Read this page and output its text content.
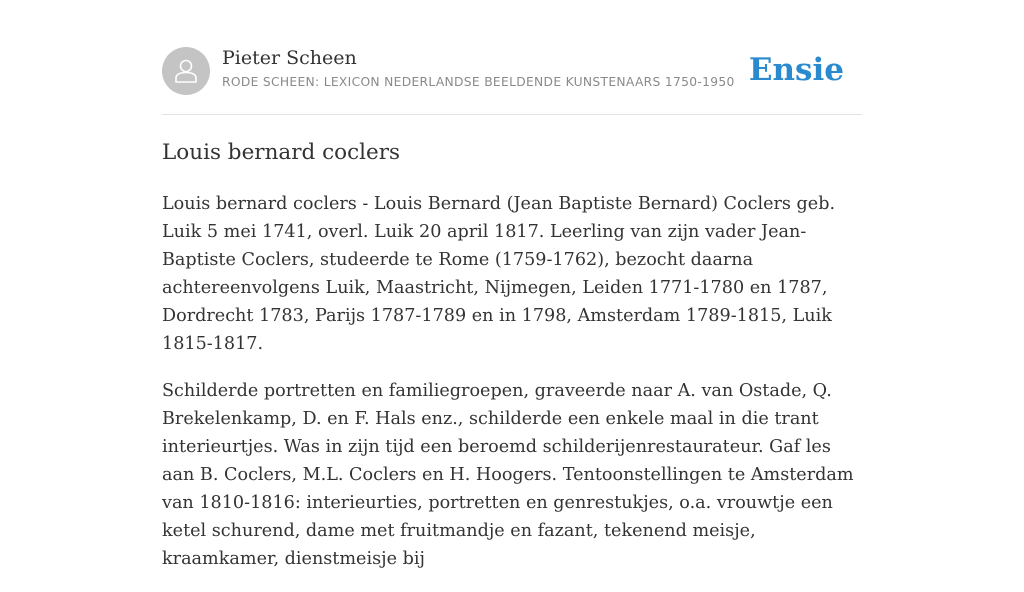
Pieter Scheen
RODE SCHEEN: LEXICON NEDERLANDSE BEELDENDE KUNSTENAARS 1750-1950 Ensie
Louis bernard coclers

Louis bernard coclers - Louis Bernard (Jean Baptiste Bernard) Coclers geb. Luik 5 mei 1741, overl. Luik 20 april 1817. Leerling van zijn vader Jean-Baptiste Coclers, studeerde te Rome (1759-1762), bezocht daarna achtereenvolgens Luik, Maastricht, Nijmegen, Leiden 1771-1780 en 1787, Dordrecht 1783, Parijs 1787-1789 en in 1798, Amsterdam 1789-1815, Luik 1815-1817.

Schilderde portretten en familiegroepen, graveerde naar A. van Ostade, Q. Brekelenkamp, D. en F. Hals enz., schilderde een enkele maal in die trant interieurtjes. Was in zijn tijd een beroemd schilderijenrestaurateur. Gaf les aan B. Coclers, M.L. Coclers en H. Hoogers. Tentoonstellingen te Amsterdam van 1810-1816: interieurties, portretten en genrestukjes, o.a. vrouwtje een ketel schurend, dame met fruitmandje en fazant, tekenend meisje, kraamkamer, dienstmeisje bij
